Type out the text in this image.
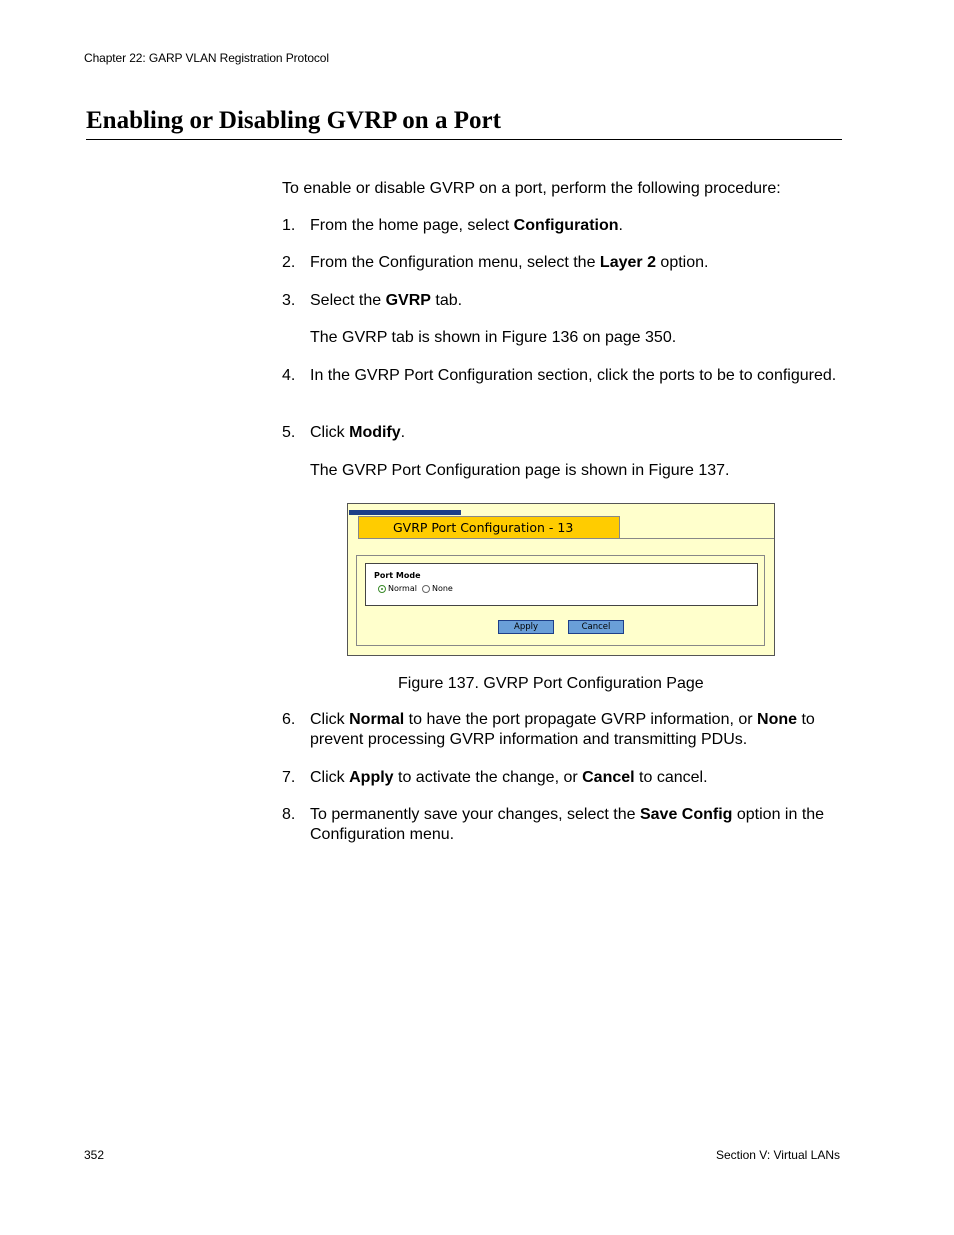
Chapter 22: GARP VLAN Registration Protocol
Enabling or Disabling GVRP on a Port
To enable or disable GVRP on a port, perform the following procedure:
1. From the home page, select Configuration.
2. From the Configuration menu, select the Layer 2 option.
3. Select the GVRP tab.
The GVRP tab is shown in Figure 136 on page 350.
4. In the GVRP Port Configuration section, click the ports to be to configured.
5. Click Modify.
The GVRP Port Configuration page is shown in Figure 137.
GVRP Port Configuration - 13
Port Mode
Normal None
Apply	Cancel
Figure 137. GVRP Port Configuration Page
6. Click Normal to have the port propagate GVRP information, or None to prevent processing GVRP information and transmitting PDUs.
7. Click Apply to activate the change, or Cancel to cancel.
8. To permanently save your changes, select the Save Config option in the Configuration menu.
352	Section V: Virtual LANs
